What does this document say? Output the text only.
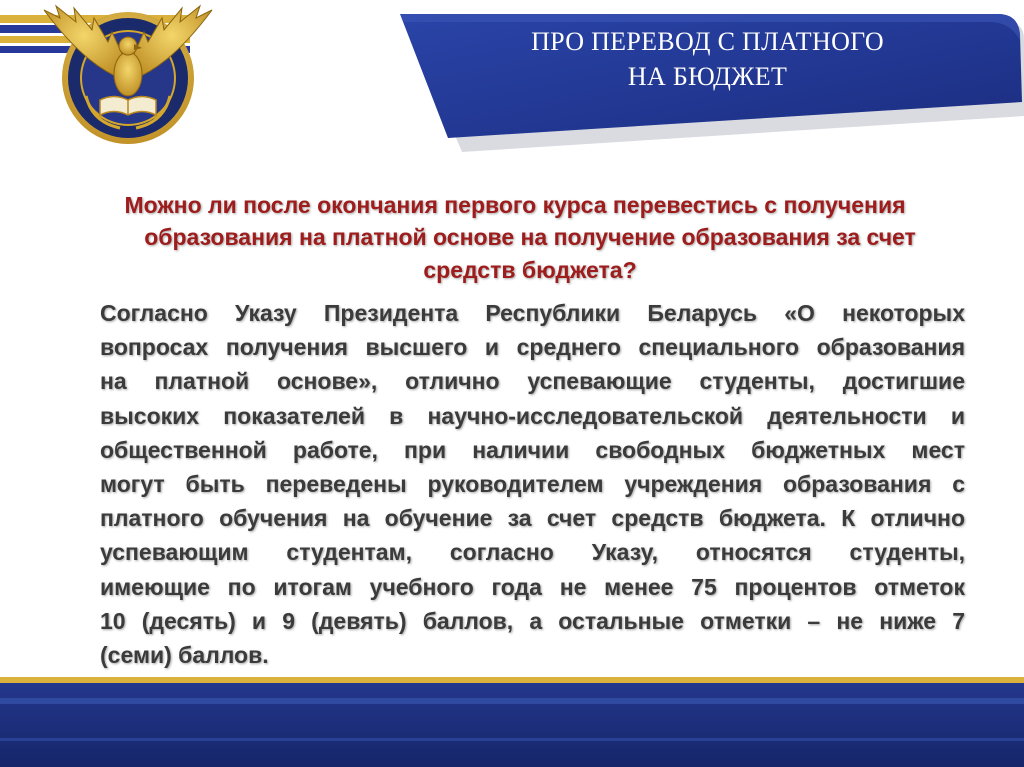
ПРО ПЕРЕВОД С ПЛАТНОГО
НА БЮДЖЕТ
Можно ли после окончания первого курса перевестись с получения
образования на платной основе на получение образования за счет
средств бюджета?
Согласно Указу Президента Республики Беларусь «О некоторых
вопросах получения высшего и среднего специального образования
на платной основе», отлично успевающие студенты, достигшие
высоких показателей в научно-исследовательской деятельности и
общественной работе, при наличии свободных бюджетных мест
могут быть переведены руководителем учреждения образования с
платного обучения на обучение за счет средств бюджета. К отлично
успевающим студентам, согласно Указу, относятся студенты,
имеющие по итогам учебного года не менее 75 процентов отметок
10 (десять) и 9 (девять) баллов, а остальные отметки – не ниже 7
(семи) баллов.
